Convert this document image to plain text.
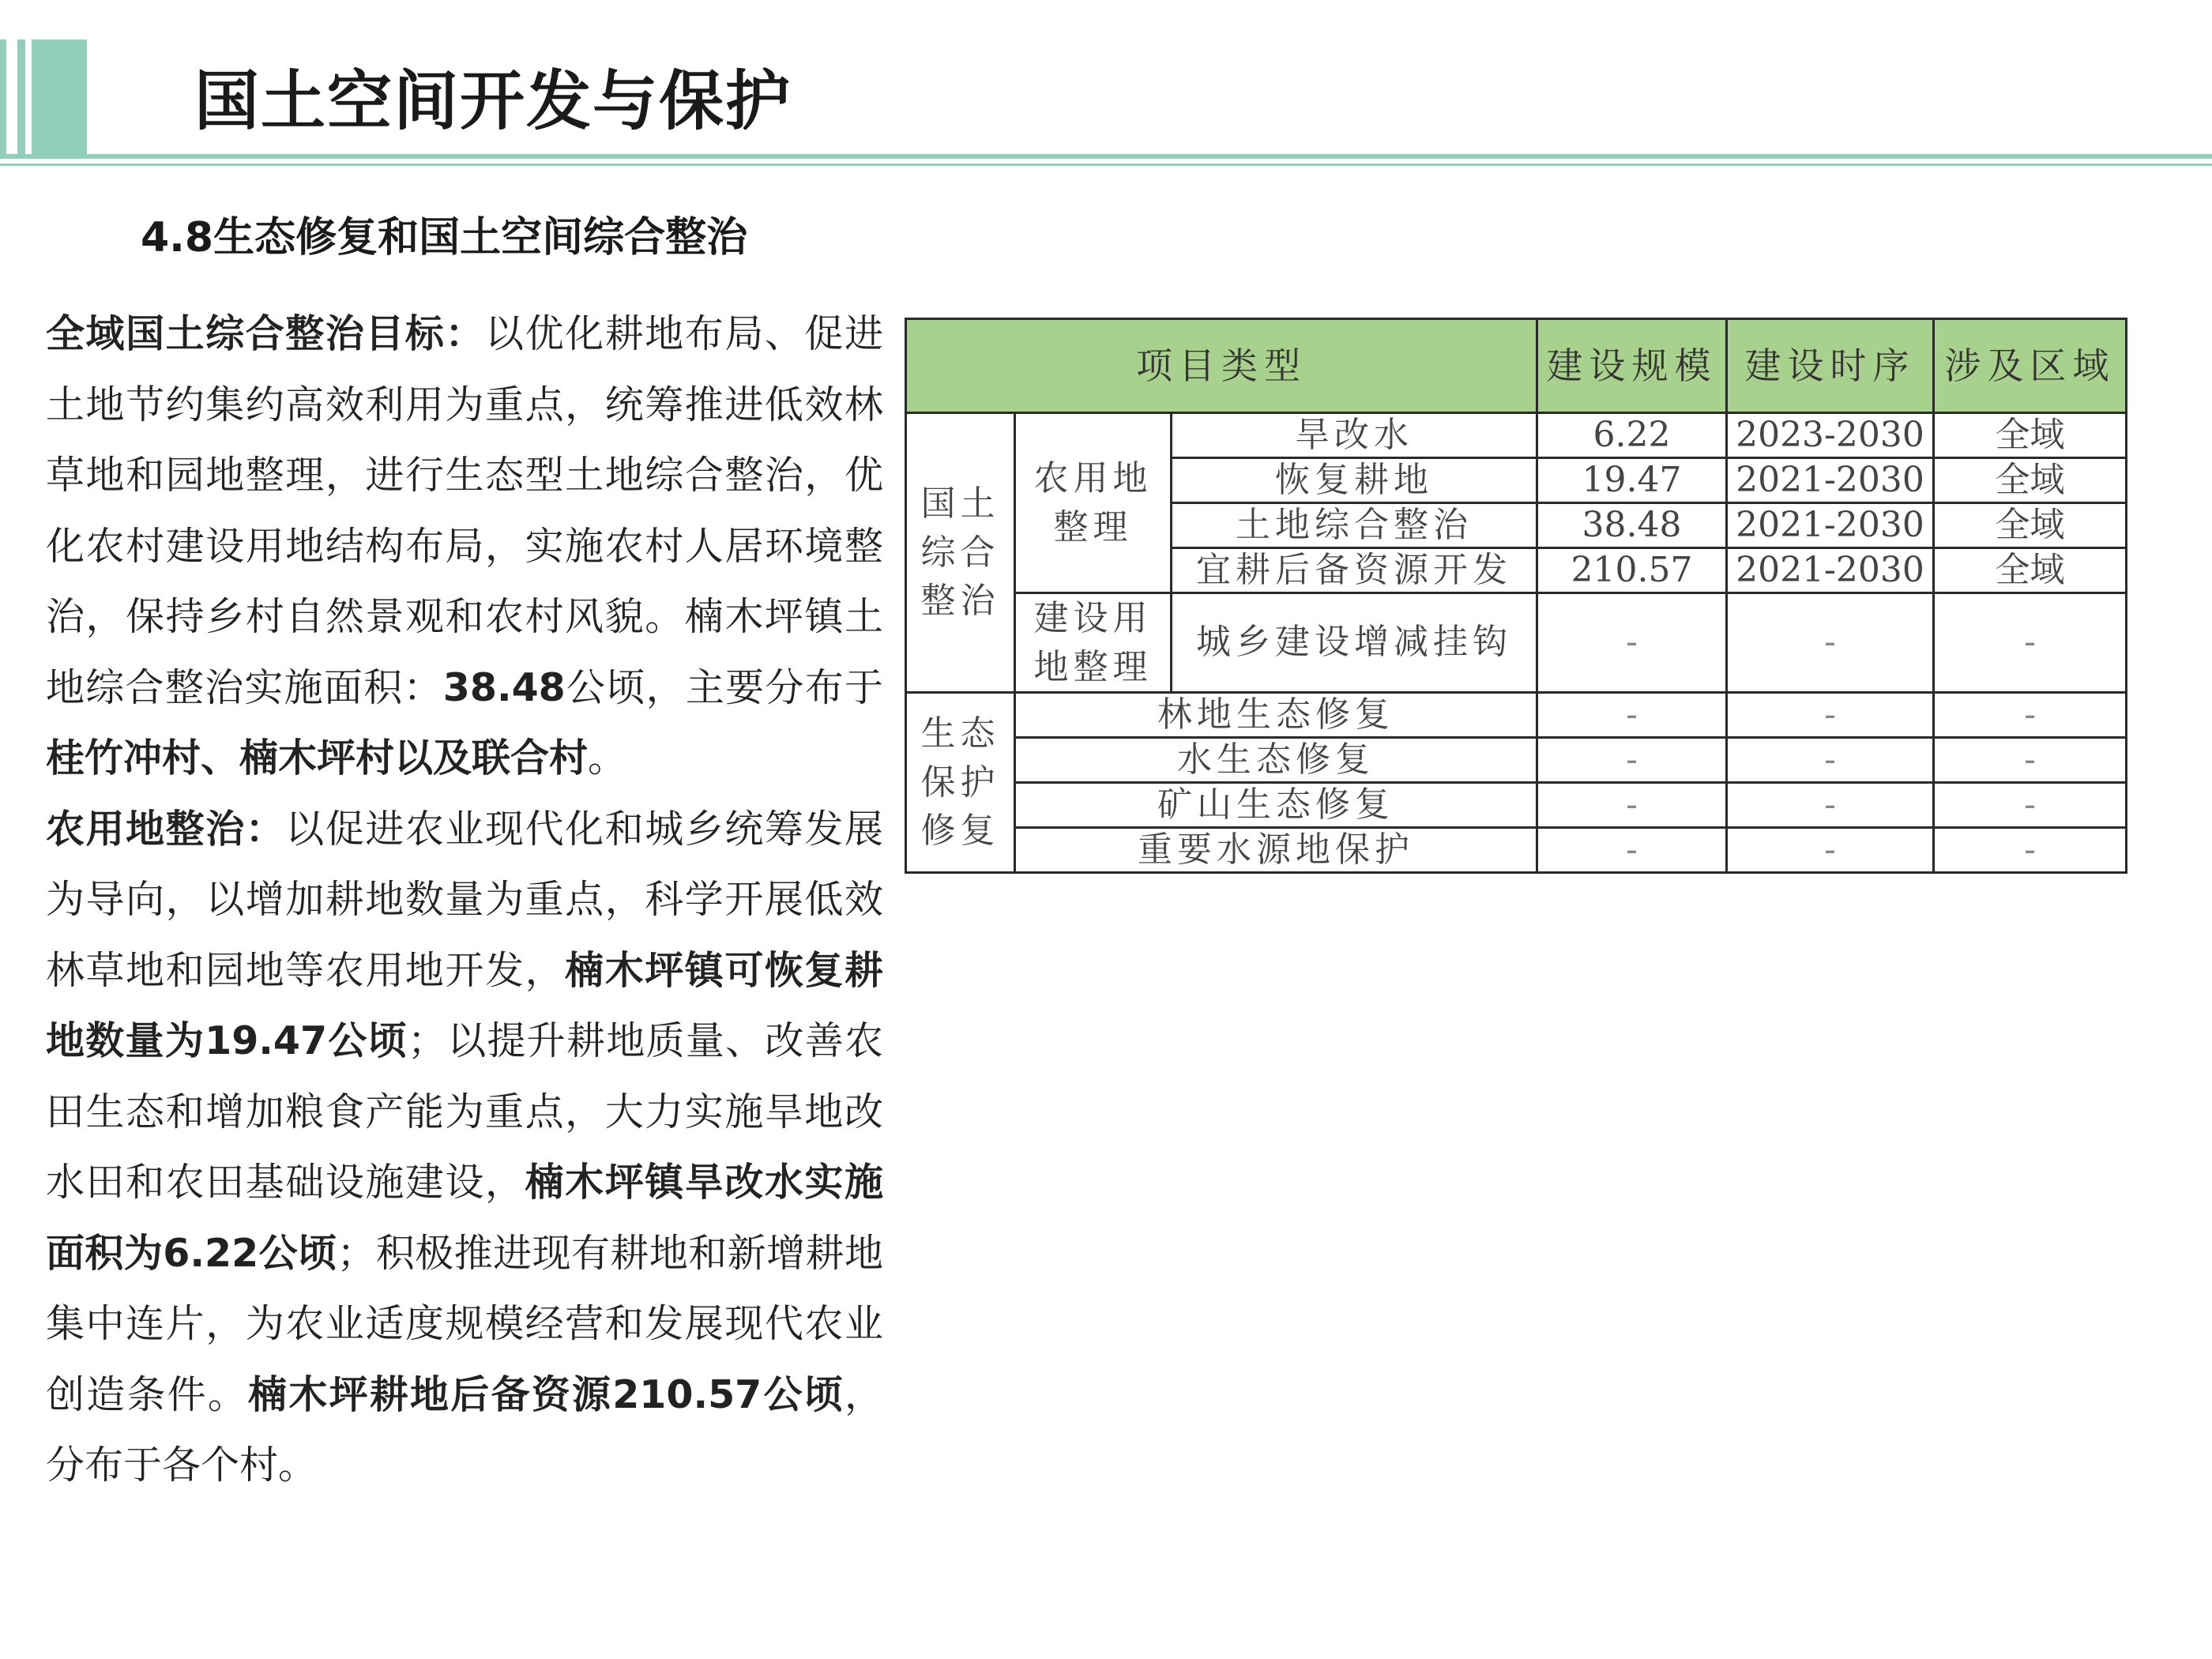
国土空间开发与保护
4.8生态修复和国土空间综合整治

全域国土综合整治目标：以优化耕地布局、促进土地节约集约高效利用为重点，统筹推进低效林草地和园地整理，进行生态型土地综合整治，优化农村建设用地结构布局，实施农村人居环境整治，保持乡村自然景观和农村风貌。楠木坪镇土地综合整治实施面积：38.48公顷，主要分布于桂竹冲村、楠木坪村以及联合村。

农用地整治：以促进农业现代化和城乡统筹发展为导向，以增加耕地数量为重点，科学开展低效林草地和园地等农用地开发，楠木坪镇可恢复耕地数量为19.47公顷；以提升耕地质量、改善农田生态和增加粮食产能为重点，大力实施旱地改水田和农田基础设施建设，楠木坪镇旱改水实施面积为6.22公顷；积极推进现有耕地和新增耕地集中连片，为农业适度规模经营和发展现代农业创造条件。楠木坪耕地后备资源210.57公顷，分布于各个村。

项目类型			建设规模	建设时序	涉及区域
国土综合整治	农用地整理	旱改水	6.22	2023-2030	全域
		恢复耕地	19.47	2021-2030	全域
		土地综合整治	38.48	2021-2030	全域
		宜耕后备资源开发	210.57	2021-2030	全域
	建设用地整理	城乡建设增减挂钩	-	-	-
生态保护修复	林地生态修复		-	-	-
	水生态修复		-	-	-
	矿山生态修复		-	-	-
	重要水源地保护		-	-	-
